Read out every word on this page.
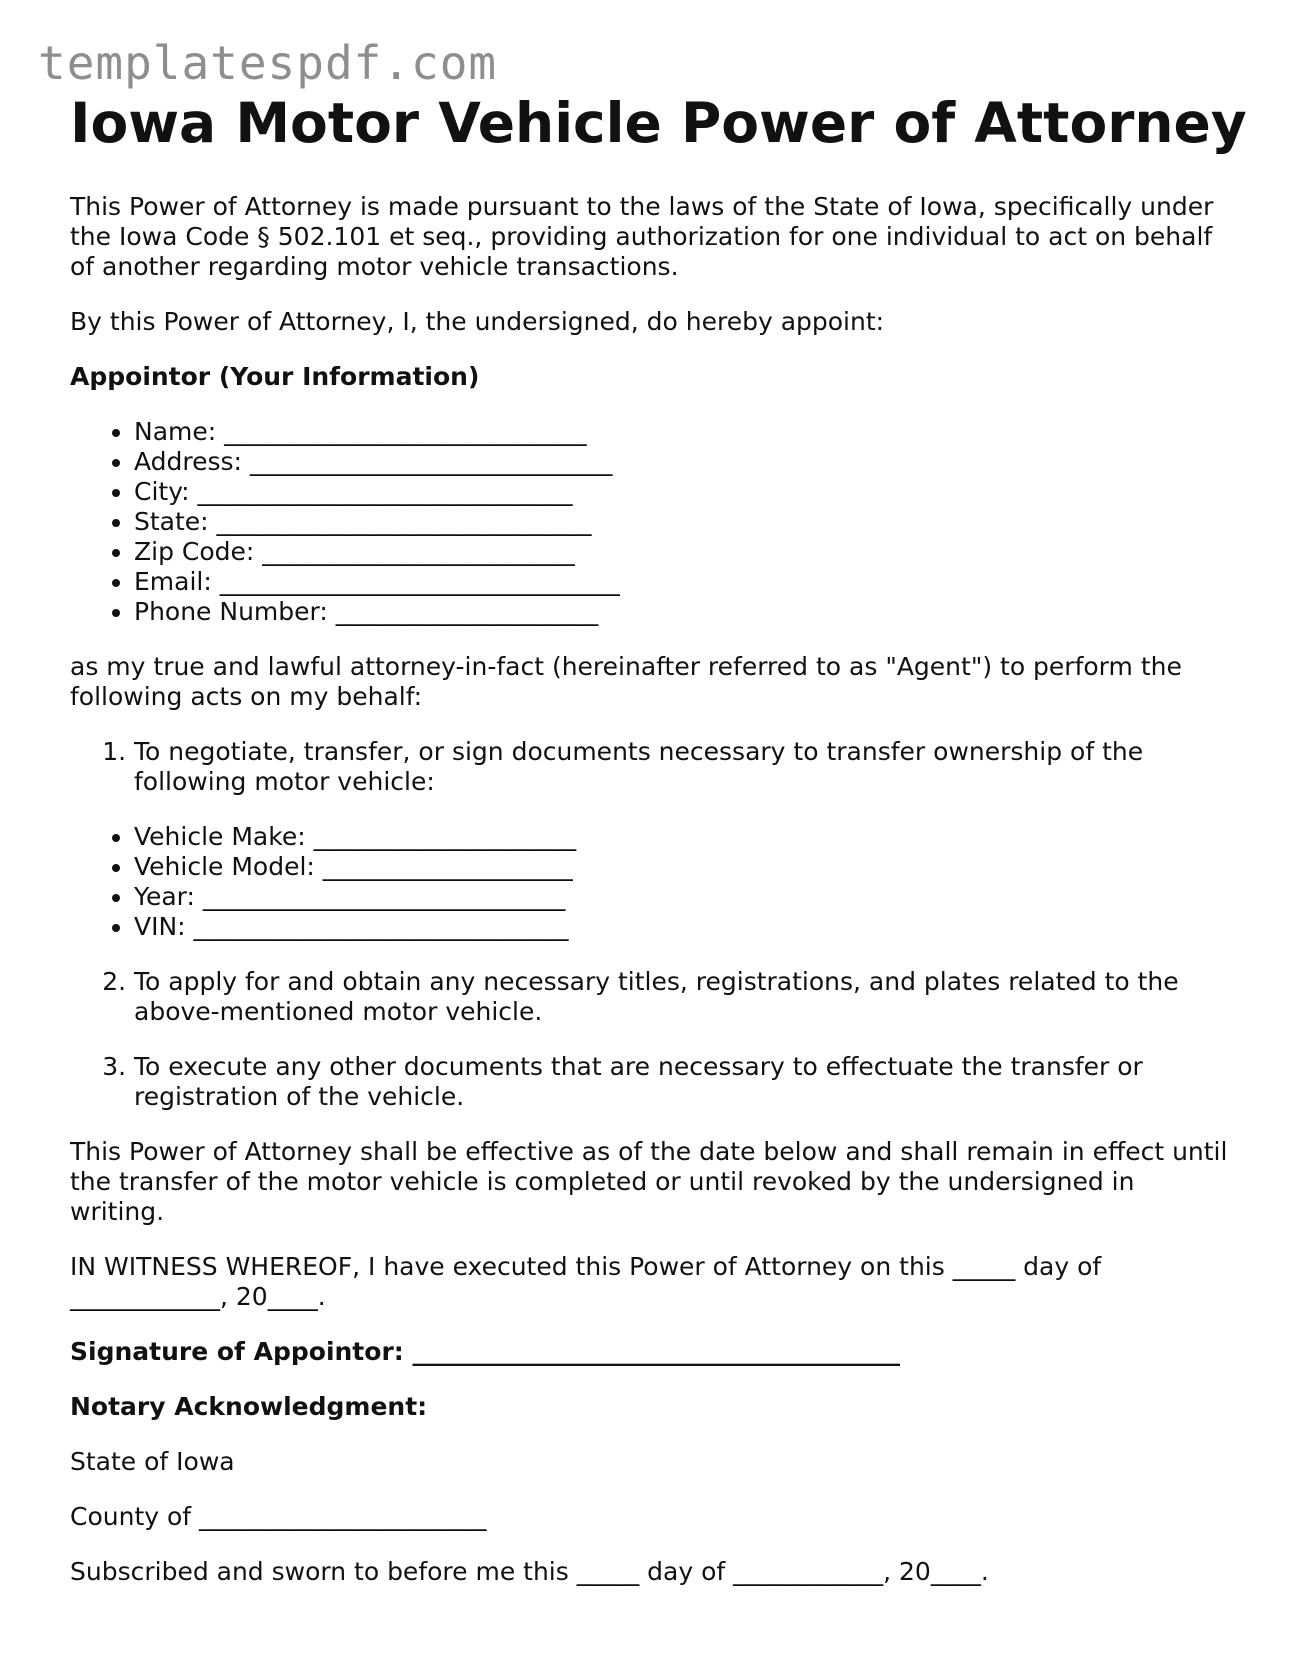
templatespdf.com
Iowa Motor Vehicle Power of Attorney

This Power of Attorney is made pursuant to the laws of the State of Iowa, specifically under the Iowa Code § 502.101 et seq., providing authorization for one individual to act on behalf of another regarding motor vehicle transactions.

By this Power of Attorney, I, the undersigned, do hereby appoint:

Appointor (Your Information)

• Name: _____________________________
• Address: _____________________________
• City: ______________________________
• State: ______________________________
• Zip Code: _________________________
• Email: ________________________________
• Phone Number: _____________________

as my true and lawful attorney-in-fact (hereinafter referred to as "Agent") to perform the following acts on my behalf:

1. To negotiate, transfer, or sign documents necessary to transfer ownership of the following motor vehicle:
• Vehicle Make: _____________________
• Vehicle Model: ____________________
• Year: _____________________________
• VIN: ______________________________
2. To apply for and obtain any necessary titles, registrations, and plates related to the above-mentioned motor vehicle.
3. To execute any other documents that are necessary to effectuate the transfer or registration of the vehicle.

This Power of Attorney shall be effective as of the date below and shall remain in effect until the transfer of the motor vehicle is completed or until revoked by the undersigned in writing.

IN WITNESS WHEREOF, I have executed this Power of Attorney on this _____ day of ____________, 20____.

Signature of Appointor: _______________________________________

Notary Acknowledgment:

State of Iowa

County of _______________________

Subscribed and sworn to before me this _____ day of ____________, 20____.
